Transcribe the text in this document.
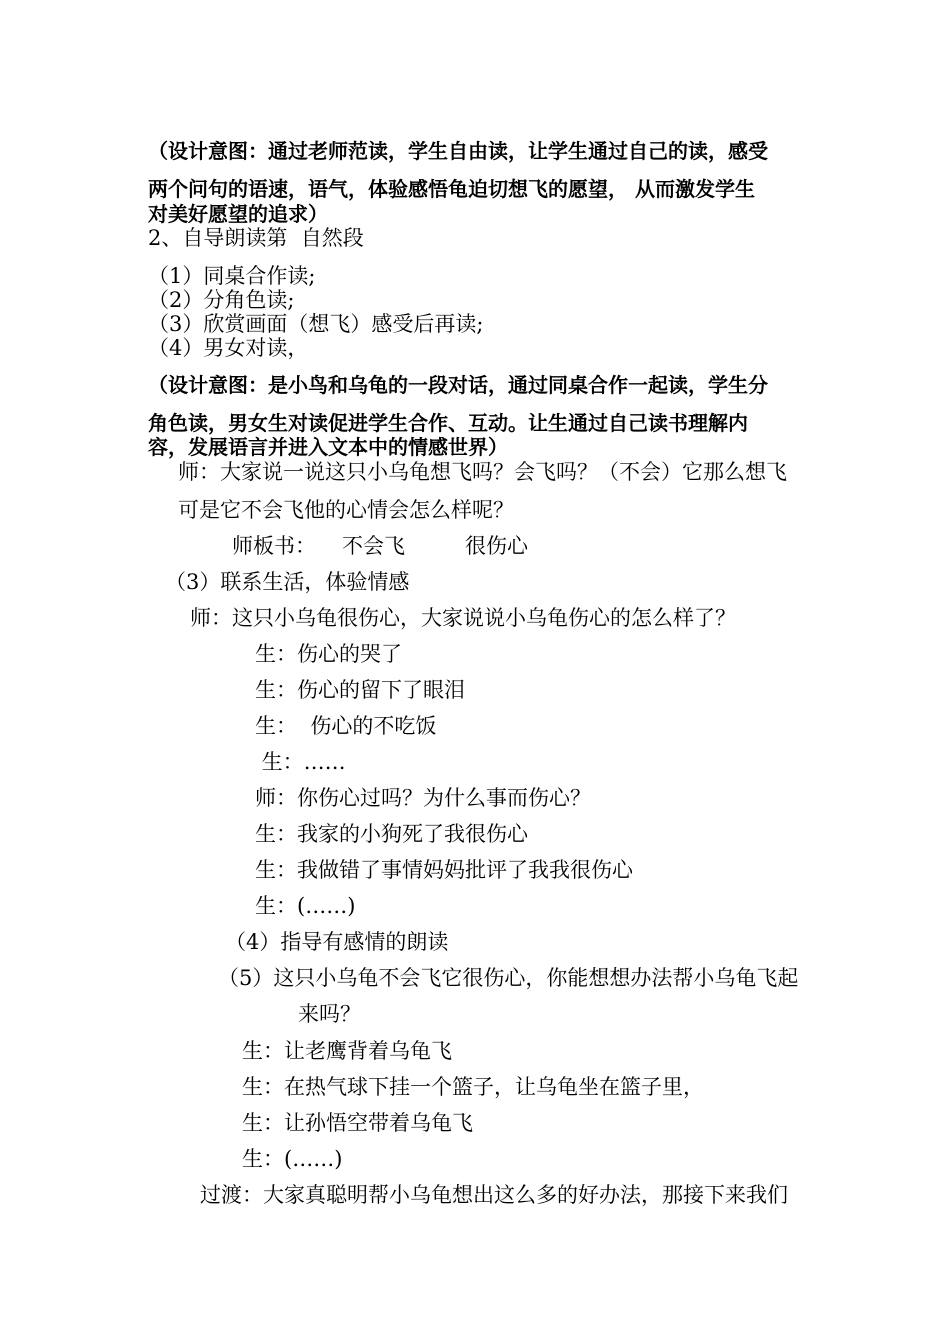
（设计意图：通过老师范读，学生自由读，让学生通过自己的读，感受
两个问句的语速，语气，体验感悟龟迫切想飞的愿望， 从而激发学生
对美好愿望的追求）
2、自导朗读第  自然段
（1）同桌合作读;
（2）分角色读;
（3）欣赏画面（想飞）感受后再读;
（4）男女对读，
（设计意图：是小鸟和乌龟的一段对话，通过同桌合作一起读，学生分
角色读，男女生对读促进学生合作、互动。让生通过自己读书理解内
容，发展语言并进入文本中的情感世界）
师：大家说一说这只小乌龟想飞吗？会飞吗？（不会）它那么想飞
可是它不会飞他的心情会怎么样呢？
师板书： 不会飞	很伤心
（3）联系生活，体验情感
师：这只小乌龟很伤心，大家说说小乌龟伤心的怎么样了？
生：伤心的哭了
生：伤心的留下了眼泪
生：  伤心的不吃饭
生：……
师：你伤心过吗？为什么事而伤心？
生：我家的小狗死了我很伤心
生：我做错了事情妈妈批评了我我很伤心
生：(……)
（4）指导有感情的朗读
（5）这只小乌龟不会飞它很伤心，你能想想办法帮小乌龟飞起
来吗？
生：让老鹰背着乌龟飞
生：在热气球下挂一个篮子，让乌龟坐在篮子里，
生：让孙悟空带着乌龟飞
生：(……)
过渡：大家真聪明帮小乌龟想出这么多的好办法，那接下来我们
